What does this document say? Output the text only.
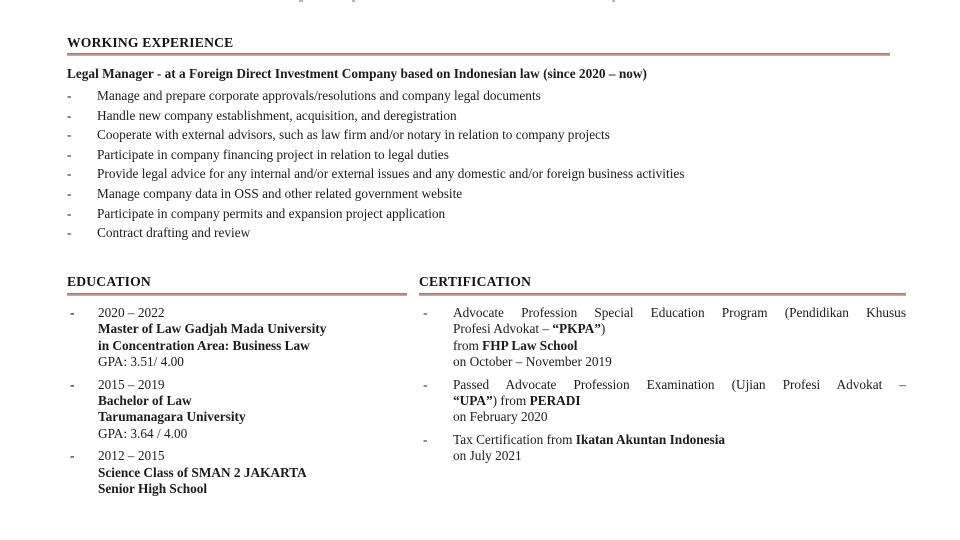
WORKING EXPERIENCE
Legal Manager - at a Foreign Direct Investment Company based on Indonesian law (since 2020 – now)
-	Manage and prepare corporate approvals/resolutions and company legal documents
-	Handle new company establishment, acquisition, and deregistration
-	Cooperate with external advisors, such as law firm and/or notary in relation to company projects
-	Participate in company financing project in relation to legal duties
-	Provide legal advice for any internal and/or external issues and any domestic and/or foreign business activities
-	Manage company data in OSS and other related government website
-	Participate in company permits and expansion project application
-	Contract drafting and review
EDUCATION
-	2020 – 2022
Master of Law Gadjah Mada University
in Concentration Area: Business Law
GPA: 3.51/ 4.00
-	2015 – 2019
Bachelor of Law
Tarumanagara University
GPA: 3.64 / 4.00
-	2012 – 2015
Science Class of SMAN 2 JAKARTA
Senior High School
CERTIFICATION
-	Advocate Profession Special Education Program (Pendidikan Khusus
Profesi Advokat – “PKPA”)
from FHP Law School
on October – November 2019
-	Passed Advocate Profession Examination (Ujian Profesi Advokat –
“UPA”) from PERADI
on February 2020
-	Tax Certification from Ikatan Akuntan Indonesia
on July 2021
